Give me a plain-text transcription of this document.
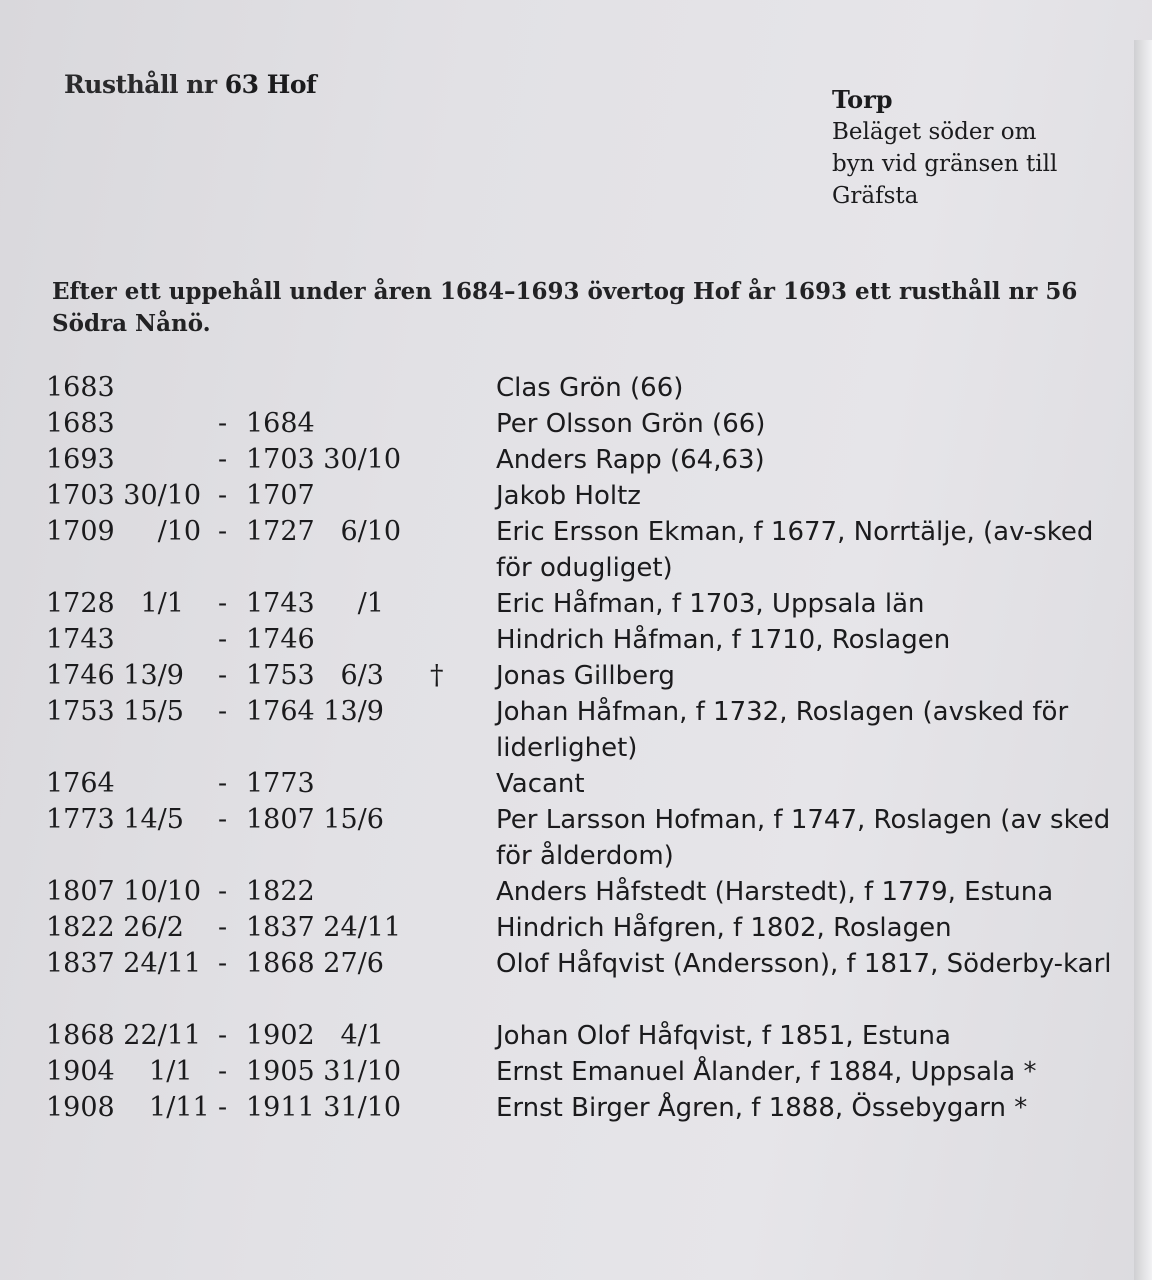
Rusthåll nr 63 Hof
Torp
Beläget söder om
byn vid gränsen till
Gräfsta
Efter ett uppehåll under åren 1684–1693 övertog Hof år 1693 ett rusthåll nr 56 Södra Nånö.
1683	Clas Grön (66)
1683	- 1684	Per Olsson Grön (66)
1693	- 1703 30/10	Anders Rapp (64,63)
1703 30/10 - 1707	Jakob Holtz
1709     /10 - 1727   6/10	Eric Ersson Ekman, f 1677, Norrtälje, (av-sked för odugliget)
1728   1/1 - 1743     /1	Eric Håfman, f 1703, Uppsala län
1743	- 1746	Hindrich Håfman, f 1710, Roslagen
1746 13/9 - 1753   6/3 † Jonas Gillberg
1753 15/5 - 1764 13/9	Johan Håfman, f 1732, Roslagen (avsked för liderlighet)
1764	- 1773	Vacant
1773 14/5 - 1807 15/6	Per Larsson Hofman, f 1747, Roslagen (av sked för ålderdom)
1807 10/10 - 1822	Anders Håfstedt (Harstedt), f 1779, Estuna
1822 26/2 - 1837 24/11	Hindrich Håfgren, f 1802, Roslagen
1837 24/11 - 1868 27/6	Olof Håfqvist (Andersson), f 1817, Söderby-karl
1868 22/11 - 1902   4/1	Johan Olof Håfqvist, f 1851, Estuna
1904    1/1 - 1905 31/10	Ernst Emanuel Ålander, f 1884, Uppsala *
1908    1/11 - 1911 31/10	Ernst Birger Ågren, f 1888, Össebygarn *
